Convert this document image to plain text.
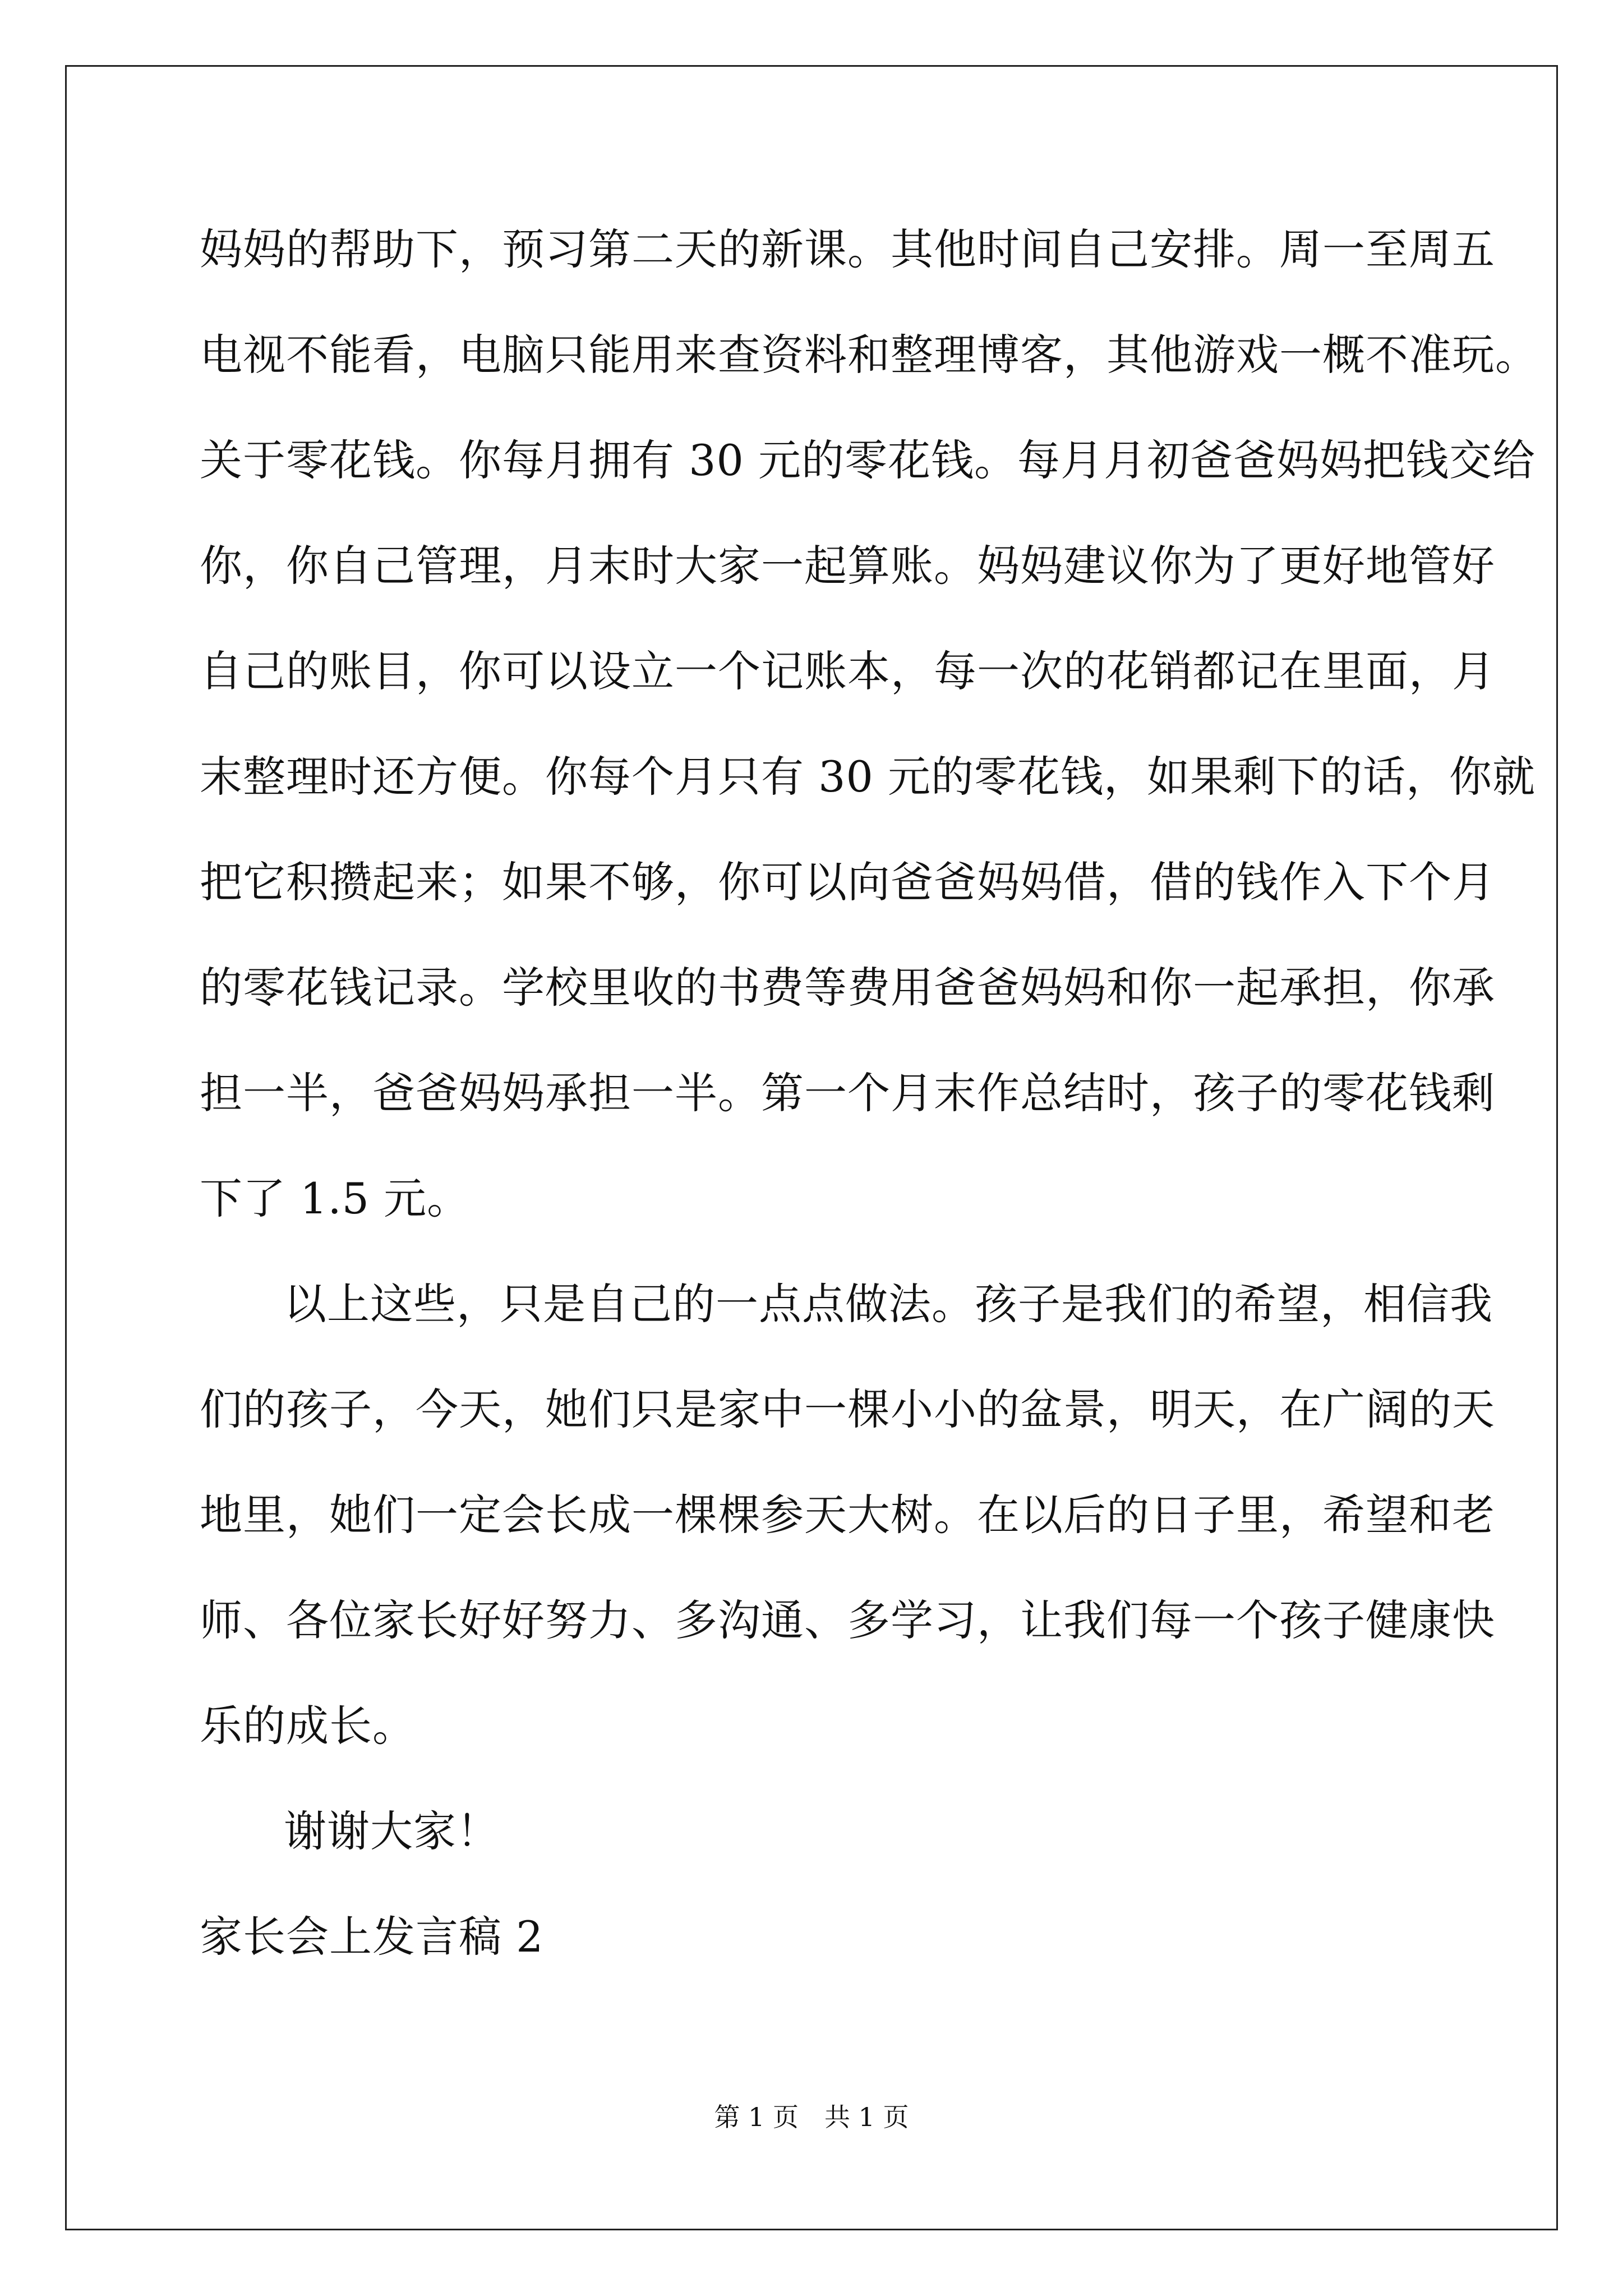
妈妈的帮助下，预习第二天的新课。其他时间自己安排。周一至周五
电视不能看，电脑只能用来查资料和整理博客，其他游戏一概不准玩。
关于零花钱。你每月拥有 30 元的零花钱。每月月初爸爸妈妈把钱交给
你，你自己管理，月末时大家一起算账。妈妈建议你为了更好地管好
自己的账目，你可以设立一个记账本，每一次的花销都记在里面，月
末整理时还方便。你每个月只有 30 元的零花钱，如果剩下的话，你就
把它积攒起来；如果不够，你可以向爸爸妈妈借，借的钱作入下个月
的零花钱记录。学校里收的书费等费用爸爸妈妈和你一起承担，你承
担一半，爸爸妈妈承担一半。第一个月末作总结时，孩子的零花钱剩
下了 1.5 元。
以上这些，只是自己的一点点做法。孩子是我们的希望，相信我
们的孩子，今天，她们只是家中一棵小小的盆景，明天，在广阔的天
地里，她们一定会长成一棵棵参天大树。在以后的日子里，希望和老
师、各位家长好好努力、多沟通、多学习，让我们每一个孩子健康快
乐的成长。
谢谢大家！
家长会上发言稿 2
第 1 页　共 1 页
